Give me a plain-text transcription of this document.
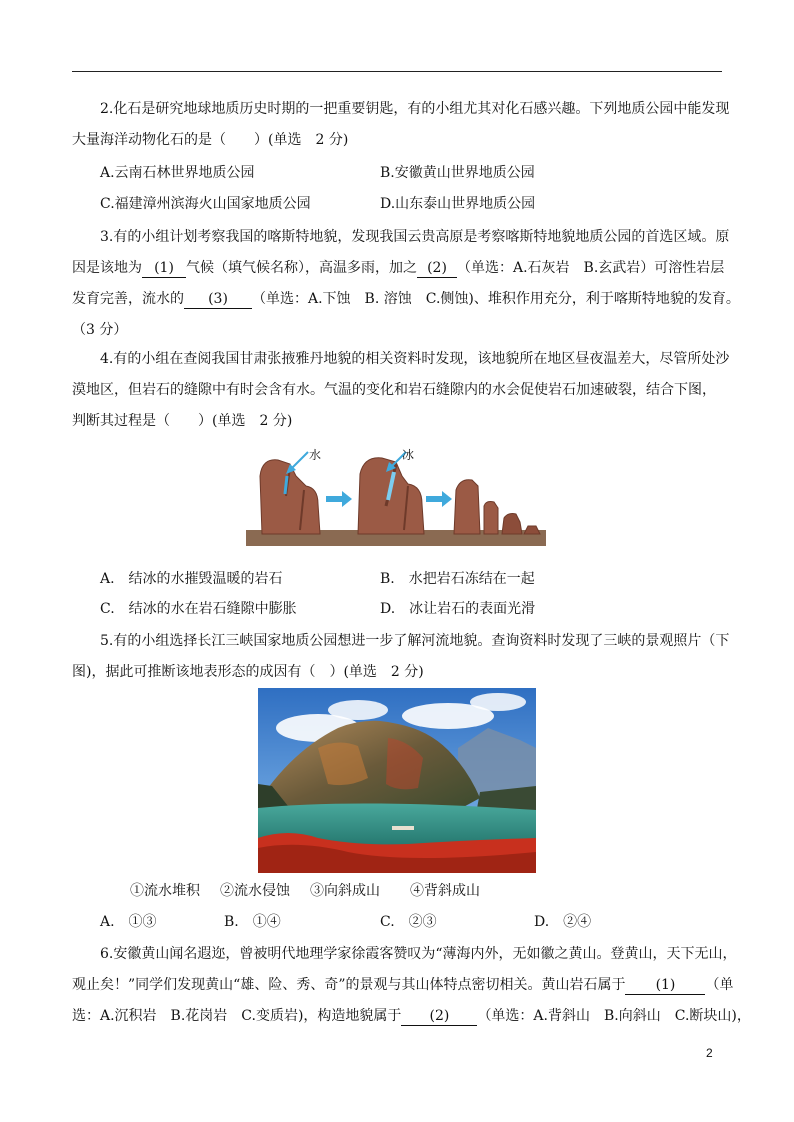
2.化石是研究地球地质历史时期的一把重要钥匙，有的小组尤其对化石感兴趣。下列地质公园中能发现
大量海洋动物化石的是（　　）(单选　2 分)
A.云南石林世界地质公园	B.安徽黄山世界地质公园
C.福建漳州滨海火山国家地质公园	D.山东泰山世界地质公园
3.有的小组计划考察我国的喀斯特地貌，发现我国云贵高原是考察喀斯特地貌地质公园的首选区域。原
因是该地为 (1) 气候（填气候名称），高温多雨，加之 (2) （单选：A.石灰岩　B.玄武岩）可溶性岩层
发育完善，流水的 (3) （单选：A.下蚀　B. 溶蚀　C.侧蚀)、堆积作用充分，利于喀斯特地貌的发育。
（3 分）
4.有的小组在查阅我国甘肃张掖雅丹地貌的相关资料时发现，该地貌所在地区昼夜温差大，尽管所处沙
漠地区，但岩石的缝隙中有时会含有水。气温的变化和岩石缝隙内的水会促使岩石加速破裂，结合下图，
判断其过程是（　　）(单选　2 分)
水	冰
A.　结冰的水摧毁温暖的岩石	B.　水把岩石冻结在一起
C.　结冰的水在岩石缝隙中膨胀	D.　冰让岩石的表面光滑
5.有的小组选择长江三峡国家地质公园想进一步了解河流地貌。查询资料时发现了三峡的景观照片（下
图)，据此可推断该地表形态的成因有（　）(单选　2 分)
①流水堆积 ②流水侵蚀 ③向斜成山 ④背斜成山
A.　①③	B.　①④	C.　②③	D.　②④
6.安徽黄山闻名遐迩，曾被明代地理学家徐霞客赞叹为“薄海内外，无如徽之黄山。登黄山，天下无山，
观止矣！”同学们发现黄山“雄、险、秀、奇”的景观与其山体特点密切相关。黄山岩石属于 (1) （单
选：A.沉积岩　B.花岗岩　C.变质岩)，构造地貌属于 (2) （单选：A.背斜山　B.向斜山　C.断块山)，
2
